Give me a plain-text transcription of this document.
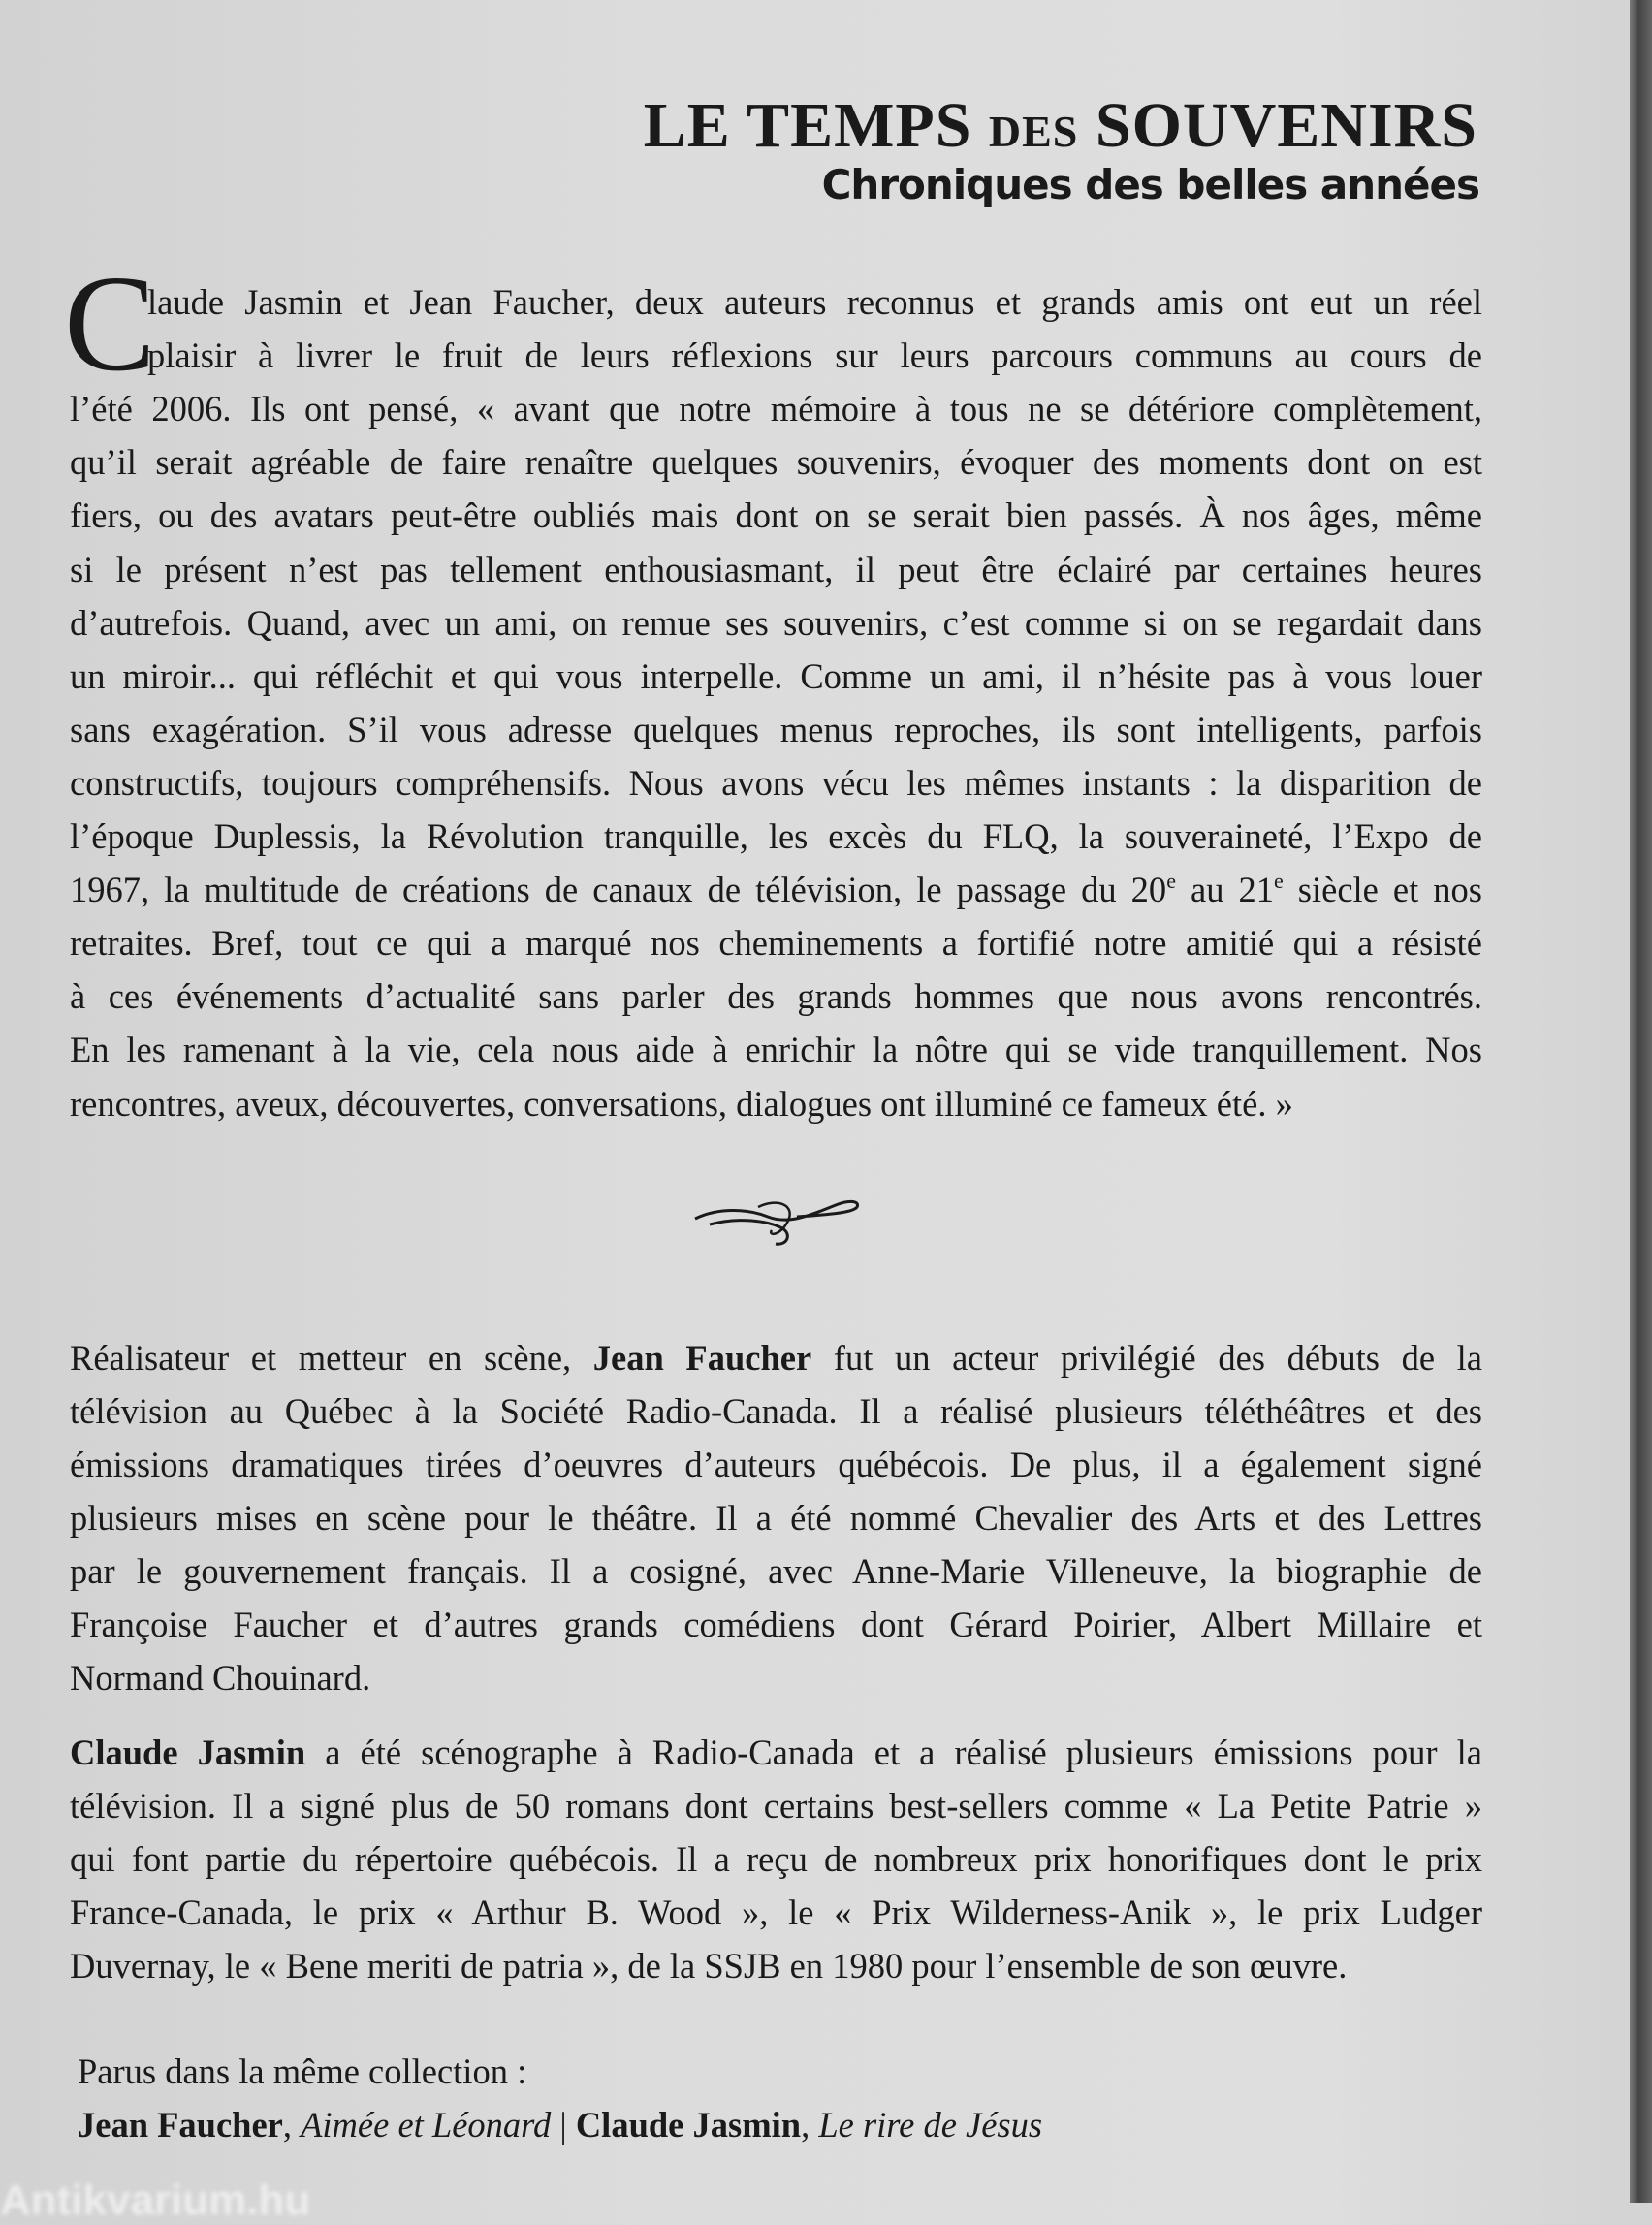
LE TEMPS DES SOUVENIRS
Chroniques des belles années
C
laude Jasmin et Jean Faucher, deux auteurs reconnus et grands amis ont eut un réel
plaisir à livrer le fruit de leurs réflexions sur leurs parcours communs au cours de
l’été 2006. Ils ont pensé, « avant que notre mémoire à tous ne se détériore complètement,
qu’il serait agréable de faire renaître quelques souvenirs, évoquer des moments dont on est
fiers, ou des avatars peut-être oubliés mais dont on se serait bien passés. À nos âges, même
si le présent n’est pas tellement enthousiasmant, il peut être éclairé par certaines heures
d’autrefois. Quand, avec un ami, on remue ses souvenirs, c’est comme si on se regardait dans
un miroir... qui réfléchit et qui vous interpelle. Comme un ami, il n’hésite pas à vous louer
sans exagération. S’il vous adresse quelques menus reproches, ils sont intelligents, parfois
constructifs, toujours compréhensifs. Nous avons vécu les mêmes instants : la disparition de
l’époque Duplessis, la Révolution tranquille, les excès du FLQ, la souveraineté, l’Expo de
1967, la multitude de créations de canaux de télévision, le passage du 20e au 21e siècle et nos
retraites. Bref, tout ce qui a marqué nos cheminements a fortifié notre amitié qui a résisté
à ces événements d’actualité sans parler des grands hommes que nous avons rencontrés.
En les ramenant à la vie, cela nous aide à enrichir la nôtre qui se vide tranquillement. Nos
rencontres, aveux, découvertes, conversations, dialogues ont illuminé ce fameux été. »
Réalisateur et metteur en scène, Jean Faucher fut un acteur privilégié des débuts de la
télévision au Québec à la Société Radio-Canada. Il a réalisé plusieurs téléthéâtres et des
émissions dramatiques tirées d’oeuvres d’auteurs québécois. De plus, il a également signé
plusieurs mises en scène pour le théâtre. Il a été nommé Chevalier des Arts et des Lettres
par le gouvernement français. Il a cosigné, avec Anne-Marie Villeneuve, la biographie de
Françoise Faucher et d’autres grands comédiens dont Gérard Poirier, Albert Millaire et
Normand Chouinard.
Claude Jasmin a été scénographe à Radio-Canada et a réalisé plusieurs émissions pour la
télévision. Il a signé plus de 50 romans dont certains best-sellers comme « La Petite Patrie »
qui font partie du répertoire québécois. Il a reçu de nombreux prix honorifiques dont le prix
France-Canada, le prix « Arthur B. Wood », le « Prix Wilderness-Anik », le prix Ludger
Duvernay, le « Bene meriti de patria », de la SSJB en 1980 pour l’ensemble de son œuvre.
Parus dans la même collection :
Jean Faucher, Aimée et Léonard | Claude Jasmin, Le rire de Jésus
Antikvarium.hu
